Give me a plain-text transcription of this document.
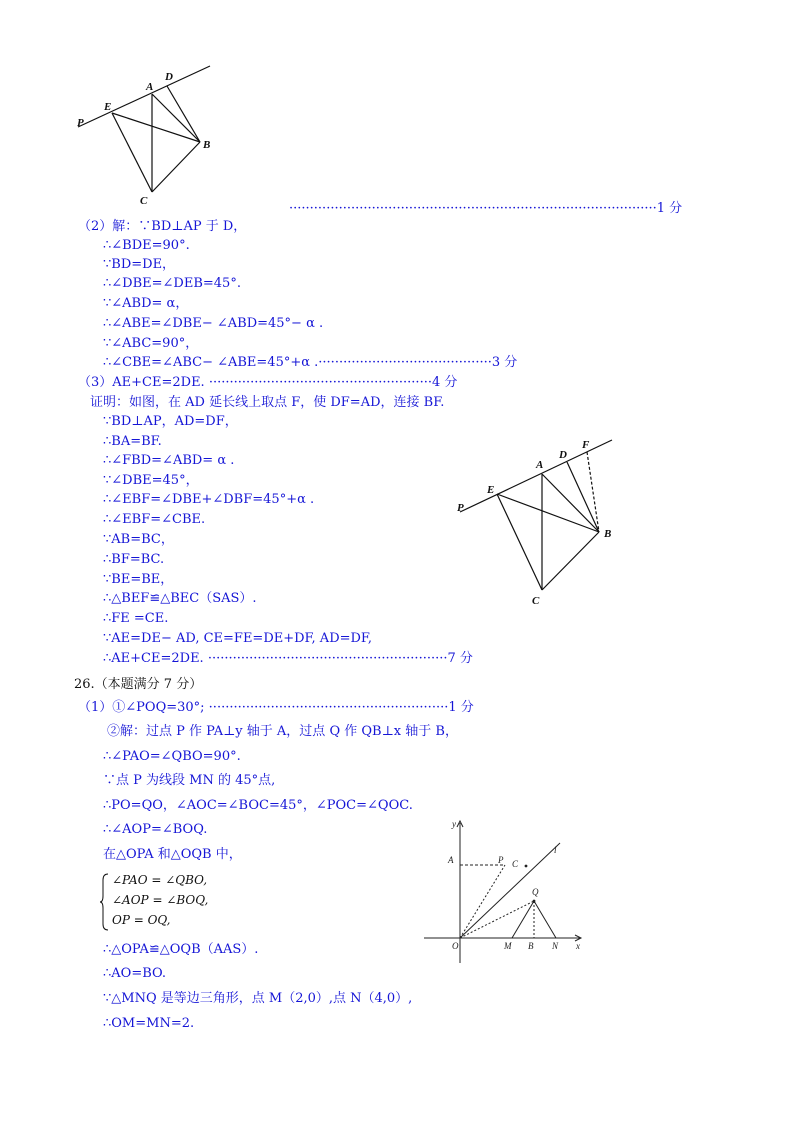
A
D
E
P
B
C
A
D
F
E
P
B
C
y
l
A	P C
Q
O	M B N x
·························································································1 分
（2）解：∵BD⊥AP 于 D，
∴∠BDE=90°.
∵BD=DE，
∴∠DBE=∠DEB=45°.
∵∠ABD= α，
∴∠ABE=∠DBE− ∠ABD=45°− α .
∵∠ABC=90°，
∴∠CBE=∠ABC− ∠ABE=45°+α .··········································3 分
（3）AE+CE=2DE. ······················································4 分
证明：如图，在 AD 延长线上取点 F，使 DF=AD，连接 BF.
∵BD⊥AP，AD=DF，
∴BA=BF.
∴∠FBD=∠ABD= α .
∵∠DBE=45°，
∴∠EBF=∠DBE+∠DBF=45°+α .
∴∠EBF=∠CBE.
∵AB=BC，
∴BF=BC.
∵BE=BE，
∴△BEF≌△BEC（SAS）.
∴FE =CE.
∵AE=DE− AD, CE=FE=DE+DF, AD=DF,
∴AE+CE=2DE. ··························································7 分
26.（本题满分 7 分）
（1）①∠POQ=30°; ··························································1 分
②解：过点 P 作 PA⊥y 轴于 A，过点 Q 作 QB⊥x 轴于 B，
∴∠PAO=∠QBO=90°.
∵点 P 为线段 MN 的 45°点,
∴PO=QO，∠AOC=∠BOC=45°，∠POC=∠QOC.
∴∠AOP=∠BOQ.
在△OPA 和△OQB 中，
∠PAO = ∠QBO,
∠AOP = ∠BOQ,
OP = OQ,
∴△OPA≌△OQB（AAS）.
∴AO=BO.
∵△MNQ 是等边三角形，点 M（2,0）,点 N（4,0）,
∴OM=MN=2.
